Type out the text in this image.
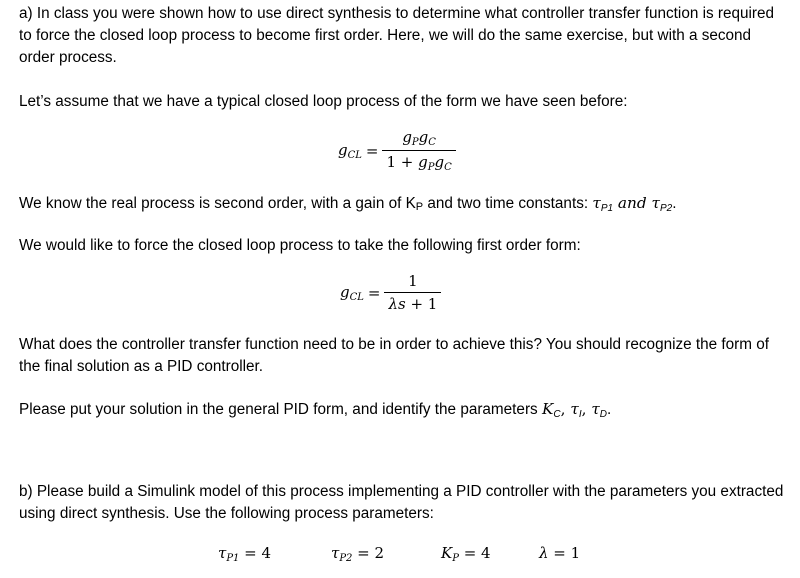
a) In class you were shown how to use direct synthesis to determine what controller transfer function is required to force the closed loop process to become first order. Here, we will do the same exercise, but with a second order process.

Let’s assume that we have a typical closed loop process of the form we have seen before:

$g_{CL} = \frac{g_Pg_C}{1 + g_Pg_C}$

We know the real process is second order, with a gain of $K_P$ and two time constants: $\tau_{P1}$ and $\tau_{P2}$.

We would like to force the closed loop process to take the following first order form:

$g_{CL} = \frac{1}{\lambda s + 1}$

What does the controller transfer function need to be in order to achieve this? You should recognize the form of the final solution as a PID controller.

Please put your solution in the general PID form, and identify the parameters $K_C$, $\tau_I$, $\tau_D$.

b) Please build a Simulink model of this process implementing a PID controller with the parameters you extracted using direct synthesis. Use the following process parameters:

$\tau_{P1} = 4$	$\tau_{P2} = 2$	$K_P = 4$	λ = 1
